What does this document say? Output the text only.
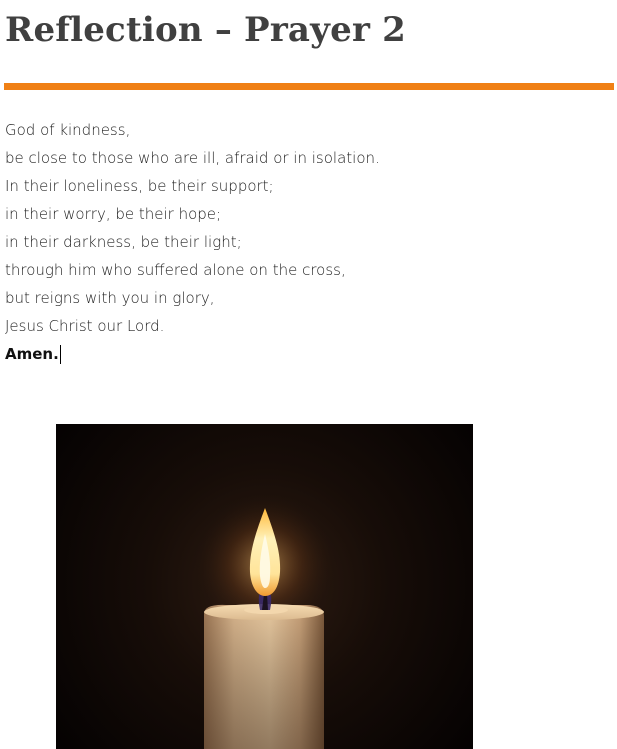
Reflection – Prayer 2
God of kindness,
be close to those who are ill, afraid or in isolation.
In their loneliness, be their support;
in their worry, be their hope;
in their darkness, be their light;
through him who suffered alone on the cross,
but reigns with you in glory,
Jesus Christ our Lord.
Amen.
